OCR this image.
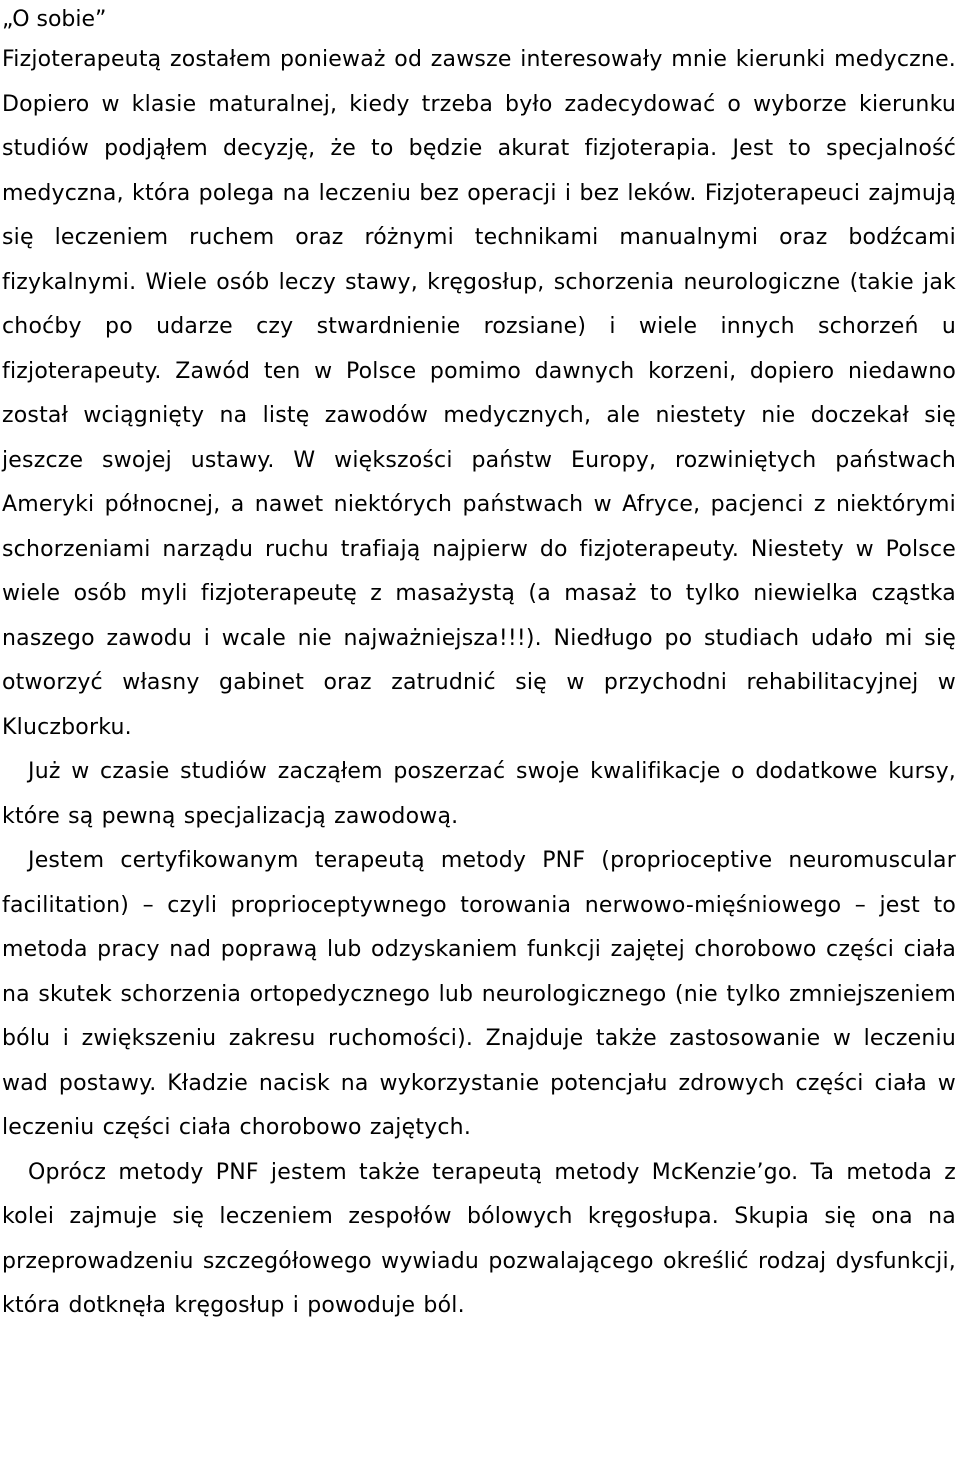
„O sobie”

Fizjoterapeutą zostałem ponieważ od zawsze interesowały mnie kierunki medyczne. Dopiero w klasie maturalnej, kiedy trzeba było zadecydować o wyborze kierunku studiów podjąłem decyzję, że to będzie akurat fizjoterapia. Jest to specjalność medyczna, która polega na leczeniu bez operacji i bez leków. Fizjoterapeuci zajmują się leczeniem ruchem oraz różnymi technikami manualnymi oraz bodźcami fizykalnymi. Wiele osób leczy stawy, kręgosłup, schorzenia neurologiczne (takie jak choćby po udarze czy stwardnienie rozsiane) i wiele innych schorzeń u fizjoterapeuty. Zawód ten w Polsce pomimo dawnych korzeni, dopiero niedawno został wciągnięty na listę zawodów medycznych, ale niestety nie doczekał się jeszcze swojej ustawy. W większości państw Europy, rozwiniętych państwach Ameryki północnej, a nawet niektórych państwach w Afryce, pacjenci z niektórymi schorzeniami narządu ruchu trafiają najpierw do fizjoterapeuty. Niestety w Polsce wiele osób myli fizjoterapeutę z masażystą (a masaż to tylko niewielka cząstka naszego zawodu i wcale nie najważniejsza!!!). Niedługo po studiach udało mi się otworzyć własny gabinet oraz zatrudnić się w przychodni rehabilitacyjnej w Kluczborku.

Już w czasie studiów zacząłem poszerzać swoje kwalifikacje o dodatkowe kursy, które są pewną specjalizacją zawodową.

Jestem certyfikowanym terapeutą metody PNF (proprioceptive neuromuscular facilitation) – czyli proprioceptywnego torowania nerwowo-mięśniowego – jest to metoda pracy nad poprawą lub odzyskaniem funkcji zajętej chorobowo części ciała na skutek schorzenia ortopedycznego lub neurologicznego (nie tylko zmniejszeniem bólu i zwiększeniu zakresu ruchomości). Znajduje także zastosowanie w leczeniu wad postawy. Kładzie nacisk na wykorzystanie potencjału zdrowych części ciała w leczeniu części ciała chorobowo zajętych.

Oprócz metody PNF jestem także terapeutą metody McKenzie’go. Ta metoda z kolei zajmuje się leczeniem zespołów bólowych kręgosłupa. Skupia się ona na przeprowadzeniu szczegółowego wywiadu pozwalającego określić rodzaj dysfunkcji, która dotknęła kręgosłup i powoduje ból.
